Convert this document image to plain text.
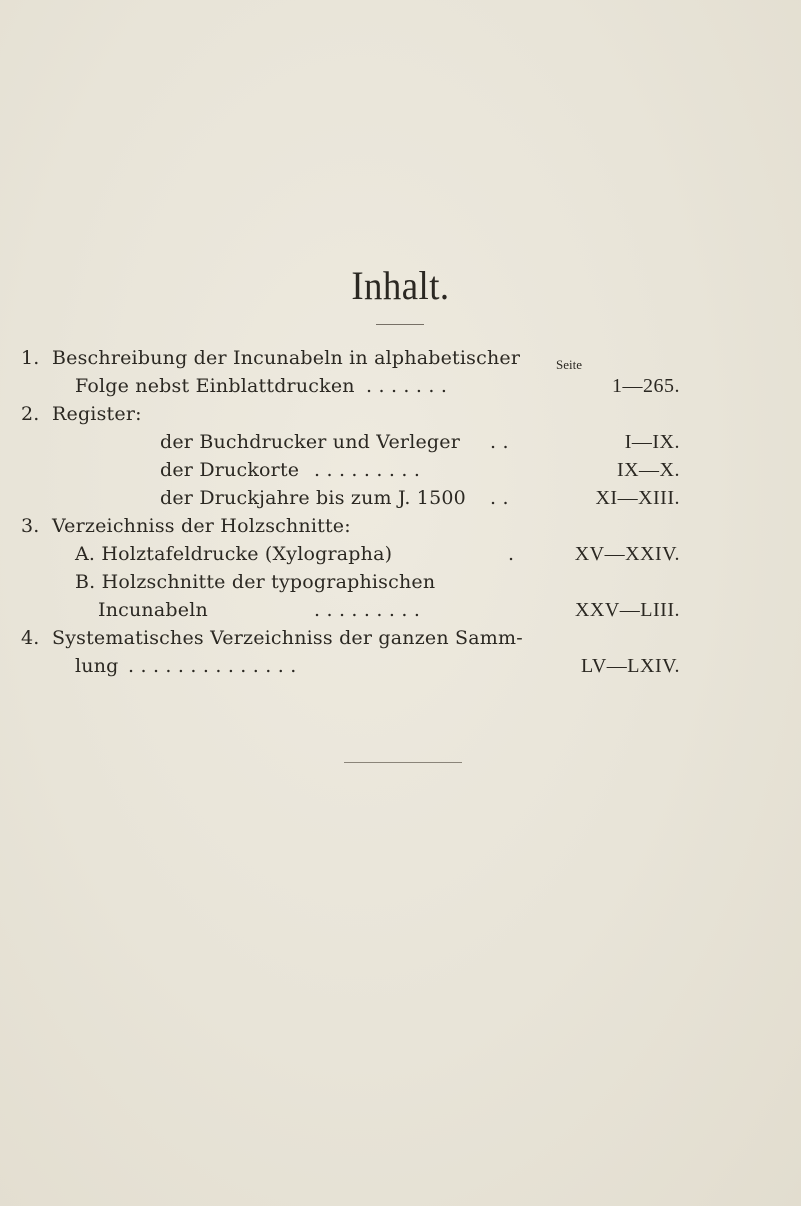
Inhalt.
Seite
1. Beschreibung der Incunabeln in alphabetischer
Folge nebst Einblattdrucken . . . . . . .	1—265.
2. Register:
der Buchdrucker und Verleger . .	I—IX.
der Druckorte . . . . . . . . .	IX—X.
der Druckjahre bis zum J. 1500 . .	XI—XIII.
3. Verzeichniss der Holzschnitte:
A. Holztafeldrucke (Xylographa)	.	XV—XXIV.
B. Holzschnitte der typographischen
Incunabeln	. . . . . . . . .	XXV—LIII.
4. Systematisches Verzeichniss der ganzen Samm-
lung . . . . . . . . . . . . . .	LV—LXIV.
